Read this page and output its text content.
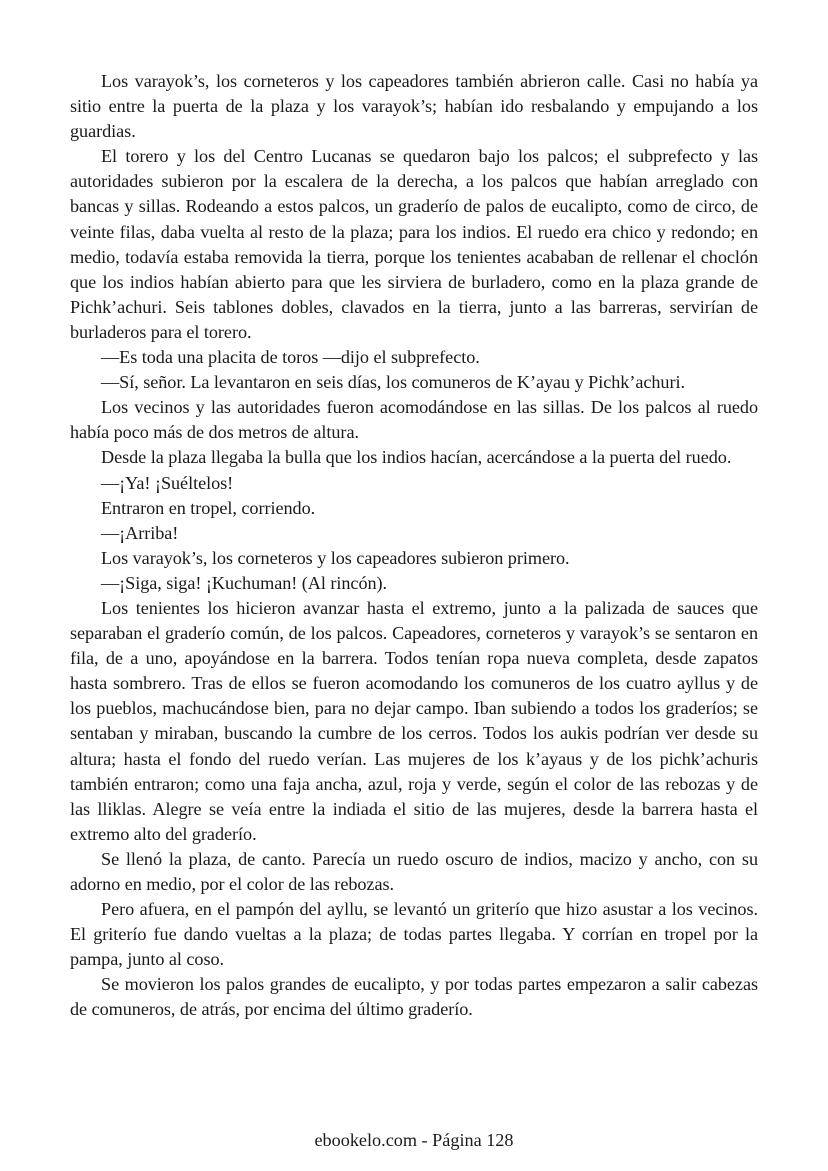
Los varayok’s, los corneteros y los capeadores también abrieron calle. Casi no había ya sitio entre la puerta de la plaza y los varayok’s; habían ido resbalando y empujando a los guardias.

El torero y los del Centro Lucanas se quedaron bajo los palcos; el subprefecto y las autoridades subieron por la escalera de la derecha, a los palcos que habían arreglado con bancas y sillas. Rodeando a estos palcos, un graderío de palos de eucalipto, como de circo, de veinte filas, daba vuelta al resto de la plaza; para los indios. El ruedo era chico y redondo; en medio, todavía estaba removida la tierra, porque los tenientes acababan de rellenar el choclón que los indios habían abierto para que les sirviera de burladero, como en la plaza grande de Pichk’achuri. Seis tablones dobles, clavados en la tierra, junto a las barreras, servirían de burladeros para el torero.

—Es toda una placita de toros —dijo el subprefecto.

—Sí, señor. La levantaron en seis días, los comuneros de K’ayau y Pichk’achuri.

Los vecinos y las autoridades fueron acomodándose en las sillas. De los palcos al ruedo había poco más de dos metros de altura.

Desde la plaza llegaba la bulla que los indios hacían, acercándose a la puerta del ruedo.

—¡Ya! ¡Suéltelos!

Entraron en tropel, corriendo.

—¡Arriba!

Los varayok’s, los corneteros y los capeadores subieron primero.

—¡Siga, siga! ¡Kuchuman! (Al rincón).

Los tenientes los hicieron avanzar hasta el extremo, junto a la palizada de sauces que separaban el graderío común, de los palcos. Capeadores, corneteros y varayok’s se sentaron en fila, de a uno, apoyándose en la barrera. Todos tenían ropa nueva completa, desde zapatos hasta sombrero. Tras de ellos se fueron acomodando los comuneros de los cuatro ayllus y de los pueblos, machucándose bien, para no dejar campo. Iban subiendo a todos los graderíos; se sentaban y miraban, buscando la cumbre de los cerros. Todos los aukis podrían ver desde su altura; hasta el fondo del ruedo verían. Las mujeres de los k’ayaus y de los pichk’achuris también entraron; como una faja ancha, azul, roja y verde, según el color de las rebozas y de las lliklas. Alegre se veía entre la indiada el sitio de las mujeres, desde la barrera hasta el extremo alto del graderío.

Se llenó la plaza, de canto. Parecía un ruedo oscuro de indios, macizo y ancho, con su adorno en medio, por el color de las rebozas.

Pero afuera, en el pampón del ayllu, se levantó un griterío que hizo asustar a los vecinos. El griterío fue dando vueltas a la plaza; de todas partes llegaba. Y corrían en tropel por la pampa, junto al coso.

Se movieron los palos grandes de eucalipto, y por todas partes empezaron a salir cabezas de comuneros, de atrás, por encima del último graderío.

ebookelo.com - Página 128
